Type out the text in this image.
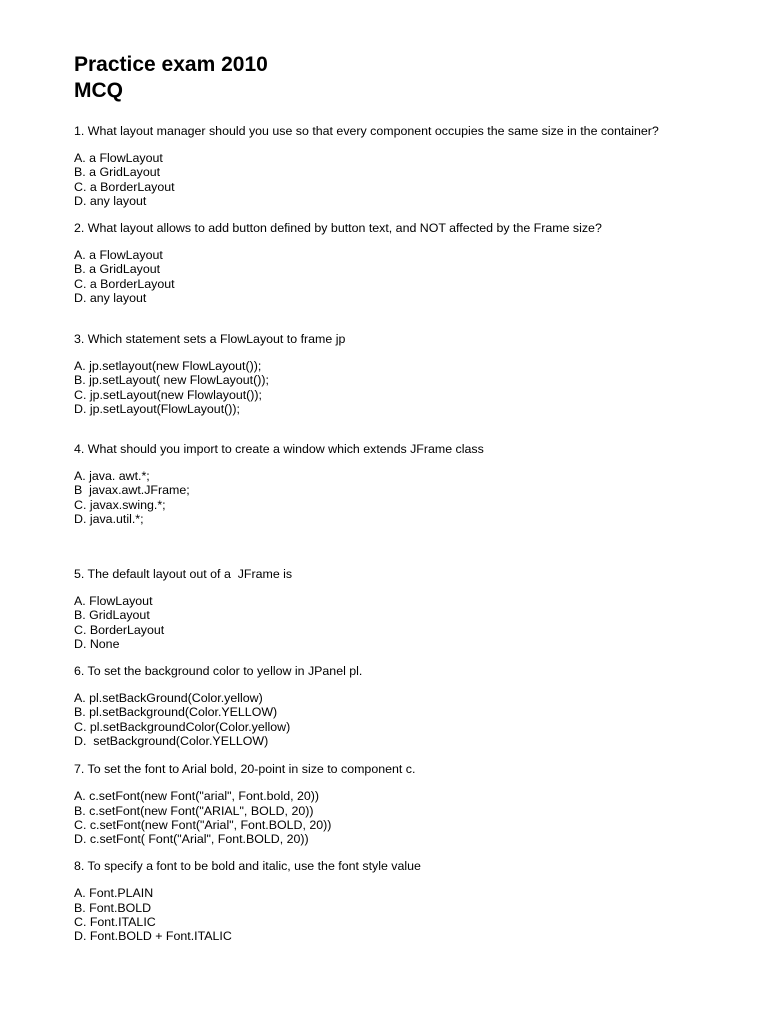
Practice exam 2010
MCQ

1. What layout manager should you use so that every component occupies the same size in the container?

A. a FlowLayout
B. a GridLayout
C. a BorderLayout
D. any layout

2. What layout allows to add button defined by button text, and NOT affected by the Frame size?

A. a FlowLayout
B. a GridLayout
C. a BorderLayout
D. any layout

3. Which statement sets a FlowLayout to frame jp

A. jp.setlayout(new FlowLayout());
B. jp.setLayout( new FlowLayout());
C. jp.setLayout(new Flowlayout());
D. jp.setLayout(FlowLayout());

4. What should you import to create a window which extends JFrame class

A. java. awt.*;
B  javax.awt.JFrame;
C. javax.swing.*;
D. java.util.*;

5. The default layout out of a  JFrame is

A. FlowLayout
B. GridLayout
C. BorderLayout
D. None

6. To set the background color to yellow in JPanel pl.

A. pl.setBackGround(Color.yellow)
B. pl.setBackground(Color.YELLOW)
C. pl.setBackgroundColor(Color.yellow)
D.  setBackground(Color.YELLOW)

7. To set the font to Arial bold, 20-point in size to component c.

A. c.setFont(new Font("arial", Font.bold, 20))
B. c.setFont(new Font("ARIAL", BOLD, 20))
C. c.setFont(new Font("Arial", Font.BOLD, 20))
D. c.setFont( Font("Arial", Font.BOLD, 20))

8. To specify a font to be bold and italic, use the font style value

A. Font.PLAIN
B. Font.BOLD
C. Font.ITALIC
D. Font.BOLD + Font.ITALIC
